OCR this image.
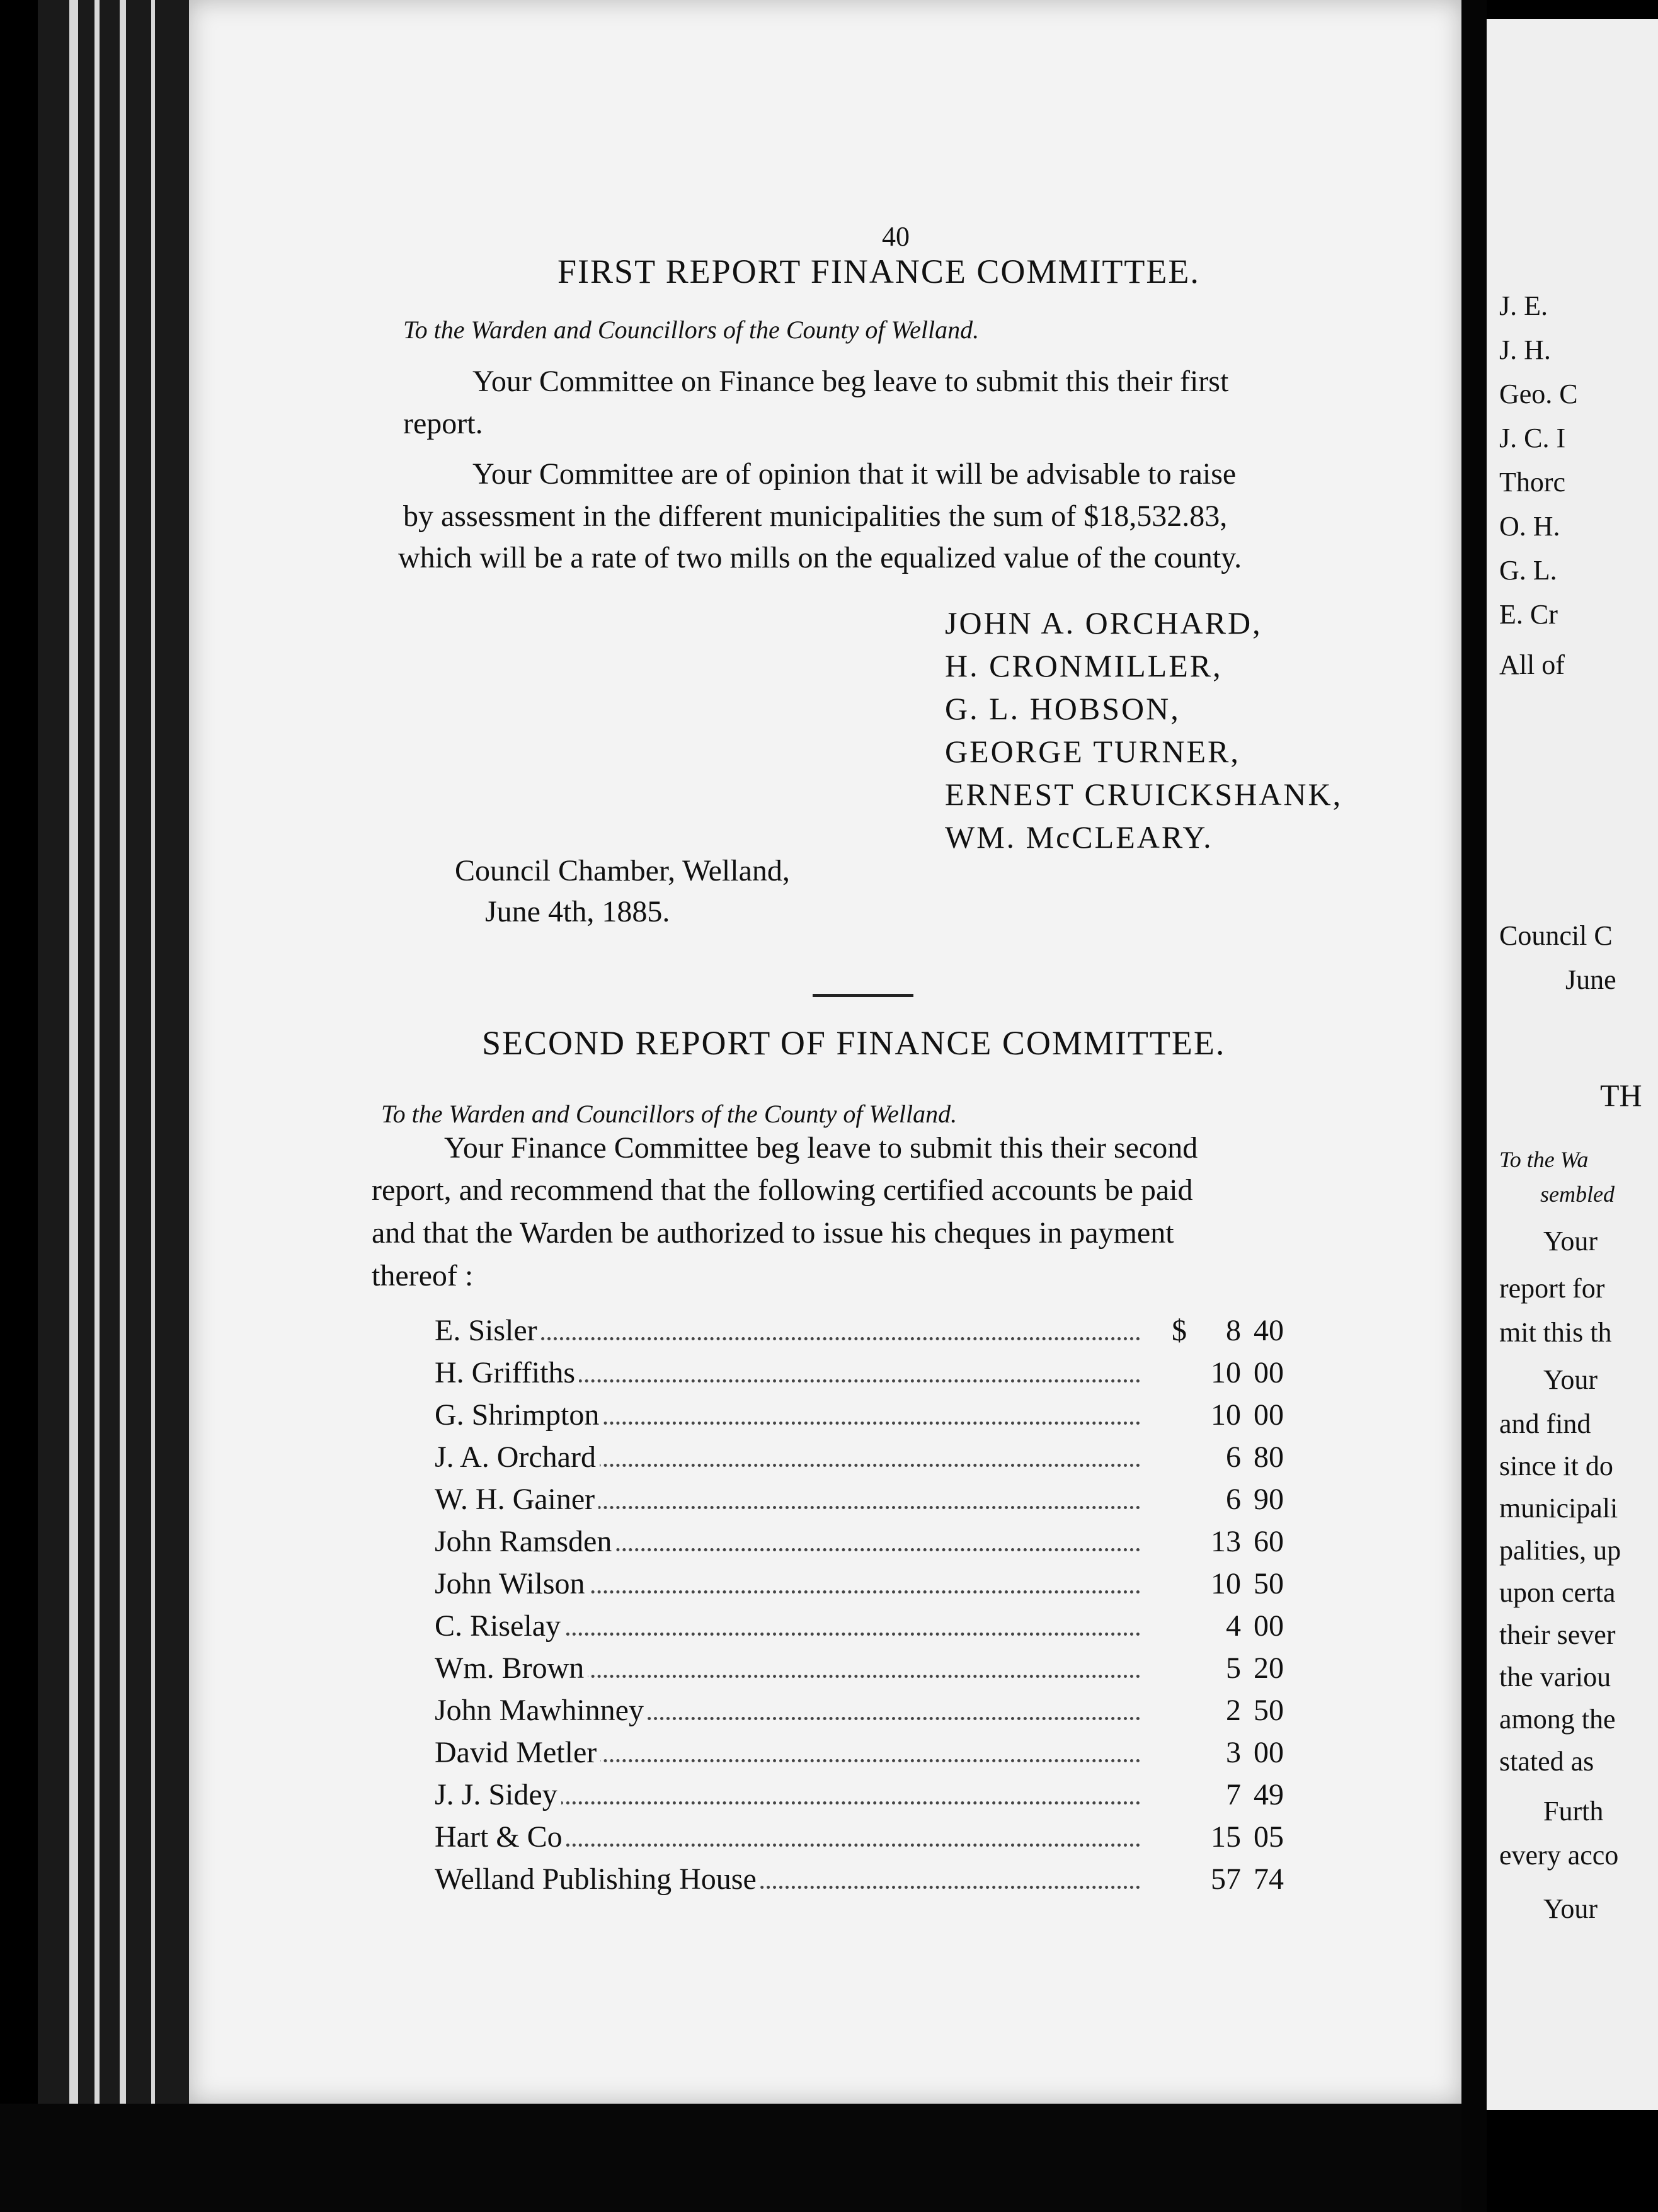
40
FIRST REPORT FINANCE COMMITTEE.
To the Warden and Councillors of the County of Welland.
Your Committee on Finance beg leave to submit this their first
report.
Your Committee are of opinion that it will be advisable to raise
by assessment in the different municipalities the sum of $18,532.83,
which will be a rate of two mills on the equalized value of the county.
JOHN A. ORCHARD,
H. CRONMILLER,
G. L. HOBSON,
GEORGE TURNER,
ERNEST CRUICKSHANK,
WM. McCLEARY.
Council Chamber, Welland,
June 4th, 1885.
SECOND REPORT OF FINANCE COMMITTEE.
To the Warden and Councillors of the County of Welland.
Your Finance Committee beg leave to submit this their second
report, and recommend that the following certified accounts be paid
and that the Warden be authorized to issue his cheques in payment
thereof :
E. Sisler	$	8 40
H. Griffiths	10 00
G. Shrimpton	10 00
J. A. Orchard	6 80
W. H. Gainer	6 90
John Ramsden	13 60
John Wilson	10 50
C. Riselay	4 00
Wm. Brown	5 20
John Mawhinney	2 50
David Metler	3 00
J. J. Sidey	7 49
Hart & Co	15 05
Welland Publishing House	57 74
J. E.
J. H.
Geo. C
J. C. I
Thorc
O. H.
G. L.
E. Cr
All of
Council C
June
TH
To the Wa
sembled
Your
report for
mit this th
Your
and find
since it do
municipali
palities, up
upon certa
their sever
the variou
among the
stated as
Furth
every acco
Your
